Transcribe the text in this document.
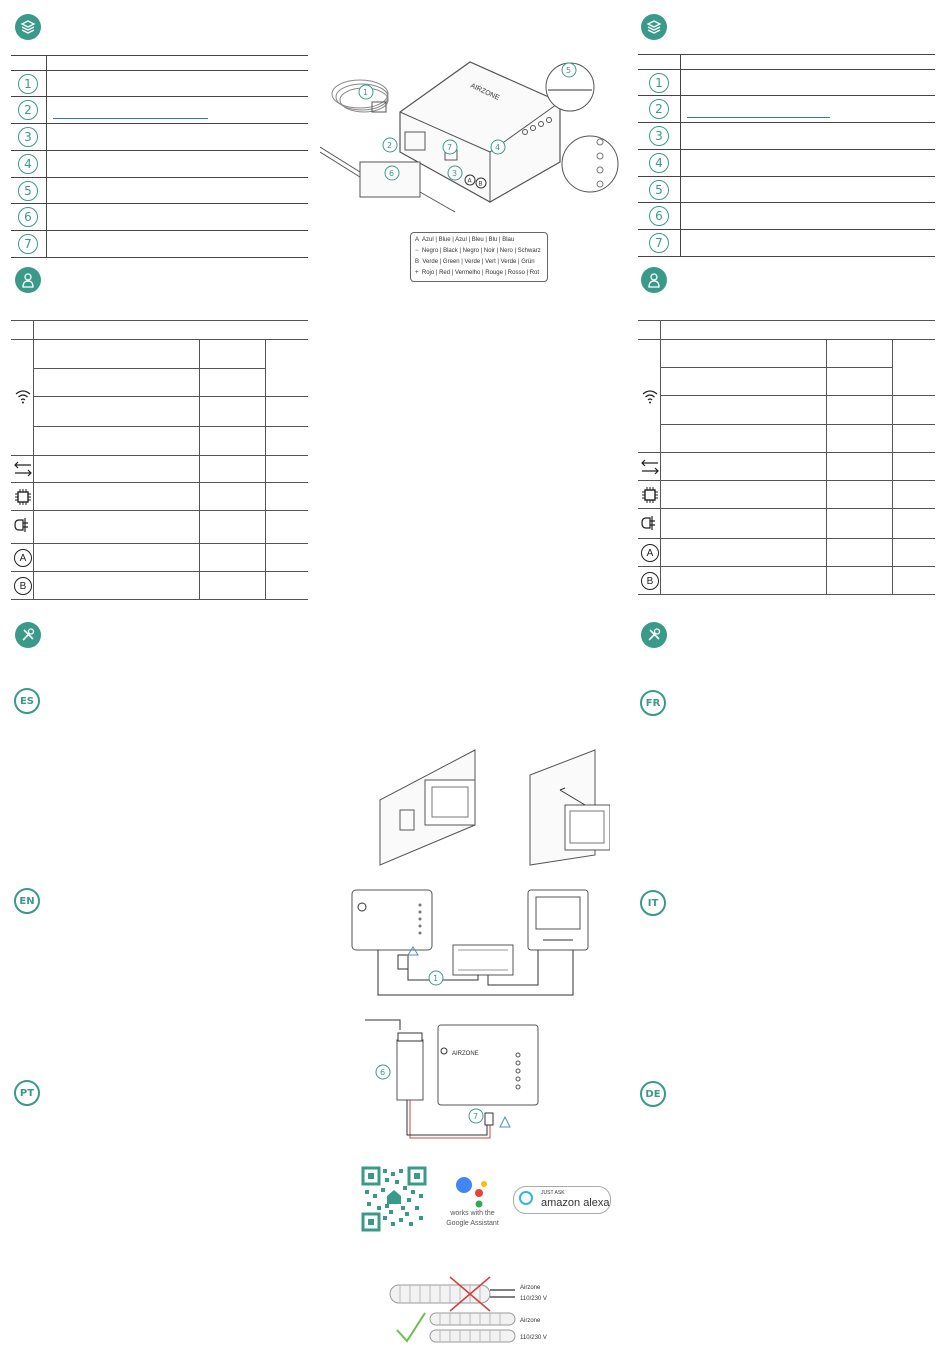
1
2
3
4
5
6
7
A
B
ES
EN
PT
1
2
3
4
5
6
7
A
B
FR
IT
DE
AIRZONE
1
2
3
4
5
6
7
A B
A Azul | Blue | Azul | Bleu | Blu | Blau
− Negro | Black | Negro | Noir | Nero | Schwarz
B Verde | Green | Verde | Vert | Verde | Grün
+ Rojo | Red | Vermelho | Rouge | Rosso | Rot
1
6
7
AIRZONE
works with the
Google Assistant
JUST ASK
amazon alexa
Airzone
110/230 V
Airzone
110/230 V
